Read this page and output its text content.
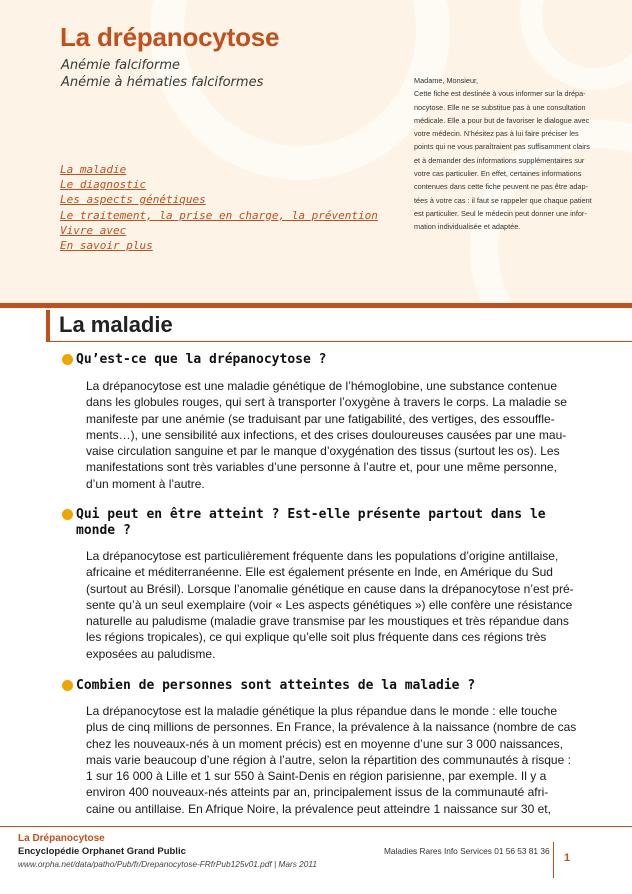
La drépanocytose
Anémie falciforme
Anémie à hématies falciformes
La maladie
Le diagnostic
Les aspects génétiques
Le traitement, la prise en charge, la prévention
Vivre avec
En savoir plus

Madame, Monsieur,

Cette fiche est destinée à vous informer sur la drépa-

nocytose. Elle ne se substitue pas à une consultation

médicale. Elle a pour but de favoriser le dialogue avec

votre médecin. N’hésitez pas à lui faire préciser les

points qui ne vous paraîtraient pas suffisamment clairs

et à demander des informations supplémentaires sur

votre cas particulier. En effet, certaines informations

contenues dans cette fiche peuvent ne pas être adap-

tées à votre cas : il faut se rappeler que chaque patient

est particulier. Seul le médecin peut donner une infor-

mation individualisée et adaptée.

La maladie
Qu’est-ce que la drépanocytose ?

La drépanocytose est une maladie génétique de l’hémoglobine, une substance contenue

dans les globules rouges, qui sert à transporter l’oxygène à travers le corps. La maladie se

manifeste par une anémie (se traduisant par une fatigabilité, des vertiges, des essouffle-

ments…), une sensibilité aux infections, et des crises douloureuses causées par une mau-

vaise circulation sanguine et par le manque d’oxygénation des tissus (surtout les os). Les

manifestations sont très variables d’une personne à l’autre et, pour une même personne,

d’un moment à l’autre.

Qui peut en être atteint ? Est-elle présente partout dans le
monde ?

La drépanocytose est particulièrement fréquente dans les populations d’origine antillaise,

africaine et méditerranéenne. Elle est également présente en Inde, en Amérique du Sud

(surtout au Brésil). Lorsque l’anomalie génétique en cause dans la drépanocytose n’est pré-

sente qu’à un seul exemplaire (voir « Les aspects génétiques ») elle confère une résistance

naturelle au paludisme (maladie grave transmise par les moustiques et très répandue dans

les régions tropicales), ce qui explique qu’elle soit plus fréquente dans ces régions très

exposées au paludisme.

Combien de personnes sont atteintes de la maladie ?

La drépanocytose est la maladie génétique la plus répandue dans le monde : elle touche

plus de cinq millions de personnes. En France, la prévalence à la naissance (nombre de cas

chez les nouveaux-nés à un moment précis) est en moyenne d’une sur 3 000 naissances,

mais varie beaucoup d’une région à l’autre, selon la répartition des communautés à risque :

1 sur 16 000 à Lille et 1 sur 550 à Saint-Denis en région parisienne, par exemple. Il y a

environ 400 nouveaux-nés atteints par an, principalement issus de la communauté afri-

caine ou antillaise. En Afrique Noire, la prévalence peut atteindre 1 naissance sur 30 et,

La Drépanocytose
Encyclopédie Orphanet Grand Public
www.orpha.net/data/patho/Pub/fr/Drepanocytose-FRfrPub125v01.pdf | Mars 2011
Maladies Rares Info Services 01 56 53 81 36
1
